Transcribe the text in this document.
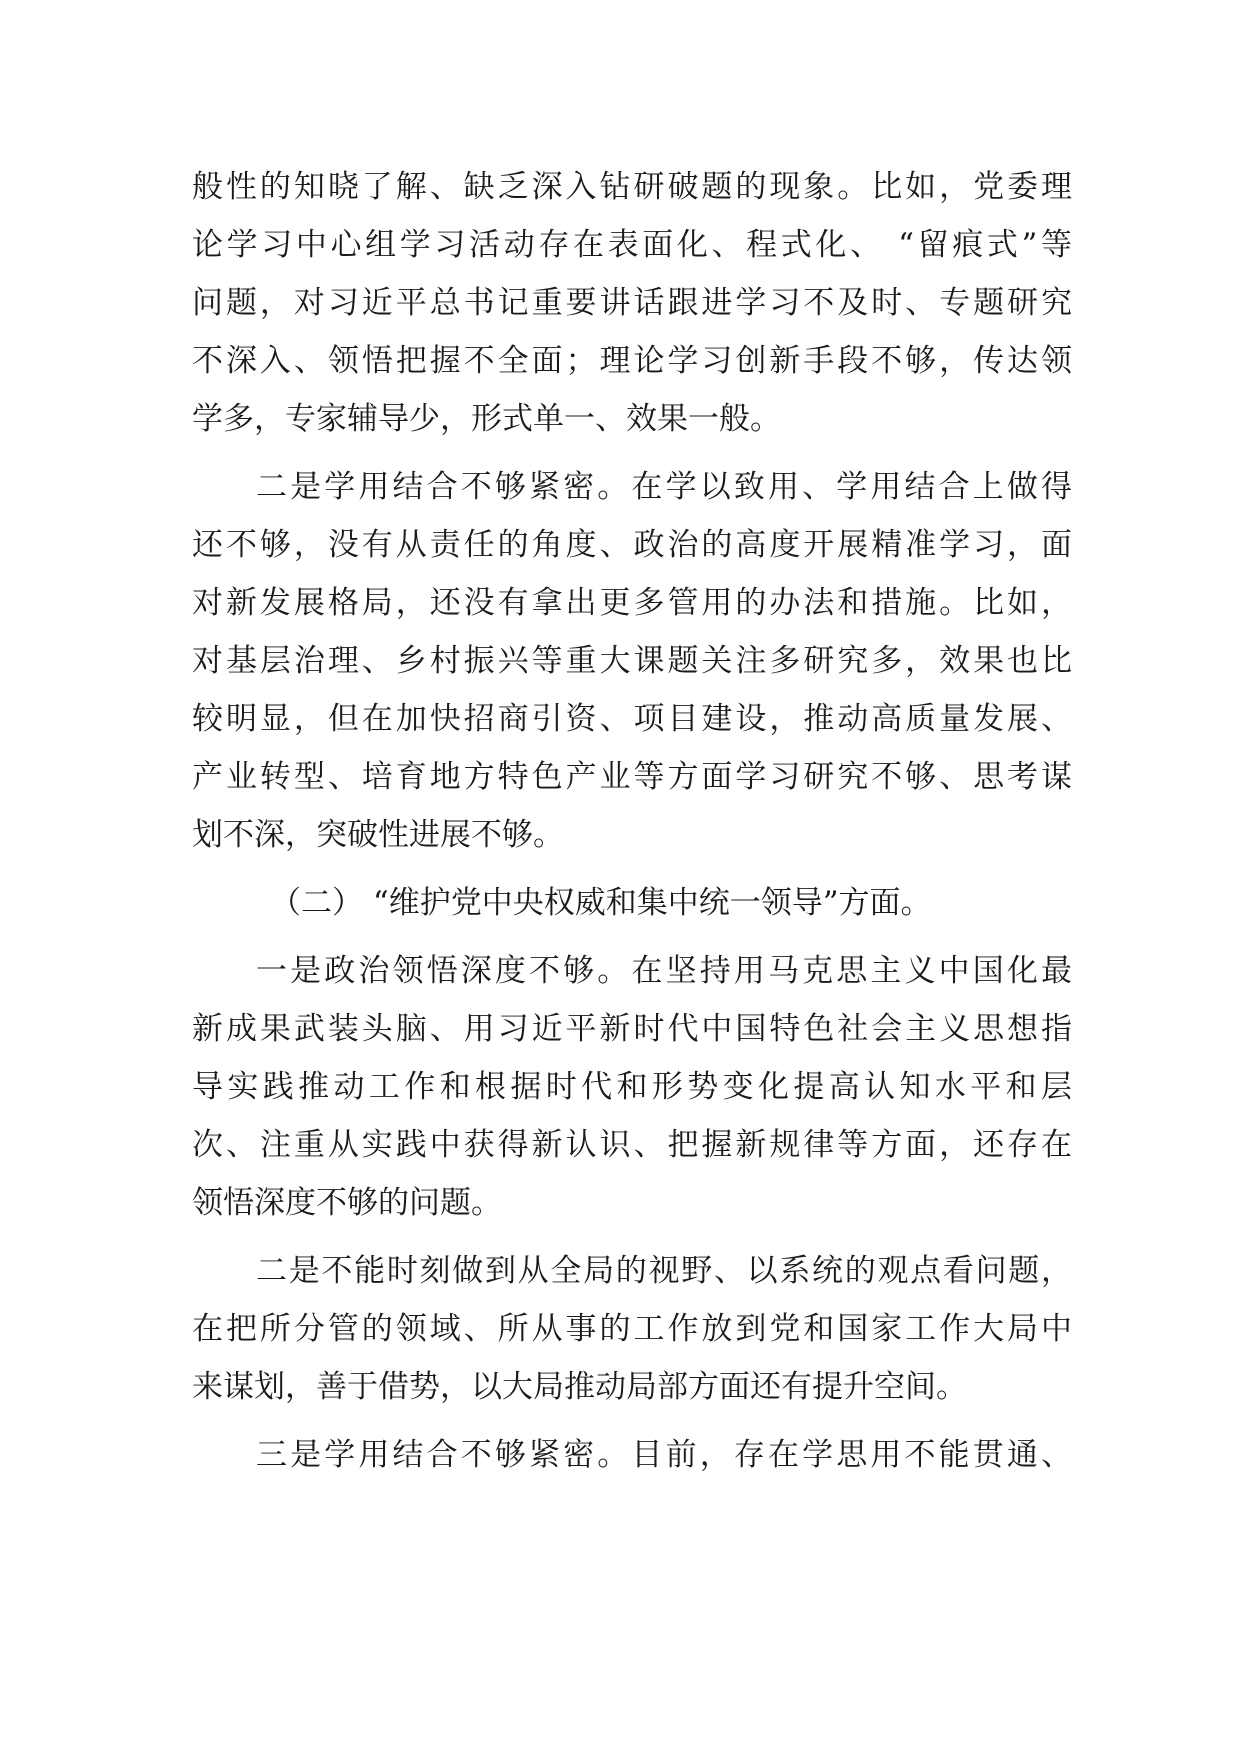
般性的知晓了解、缺乏深入钻研破题的现象。比如，党委理
论学习中心组学习活动存在表面化、程式化、 “留痕式”等
问题，对习近平总书记重要讲话跟进学习不及时、专题研究
不深入、领悟把握不全面；理论学习创新手段不够，传达领
学多，专家辅导少，形式单一、效果一般。
二是学用结合不够紧密。在学以致用、学用结合上做得
还不够，没有从责任的角度、政治的高度开展精准学习，面
对新发展格局，还没有拿出更多管用的办法和措施。比如，
对基层治理、乡村振兴等重大课题关注多研究多，效果也比
较明显，但在加快招商引资、项目建设，推动高质量发展、
产业转型、培育地方特色产业等方面学习研究不够、思考谋
划不深，突破性进展不够。
（二） “维护党中央权威和集中统一领导”方面。
一是政治领悟深度不够。在坚持用马克思主义中国化最
新成果武装头脑、用习近平新时代中国特色社会主义思想指
导实践推动工作和根据时代和形势变化提高认知水平和层
次、注重从实践中获得新认识、把握新规律等方面，还存在
领悟深度不够的问题。
二是不能时刻做到从全局的视野、以系统的观点看问题，
在把所分管的领域、所从事的工作放到党和国家工作大局中
来谋划，善于借势，以大局推动局部方面还有提升空间。
三是学用结合不够紧密。目前，存在学思用不能贯通、
